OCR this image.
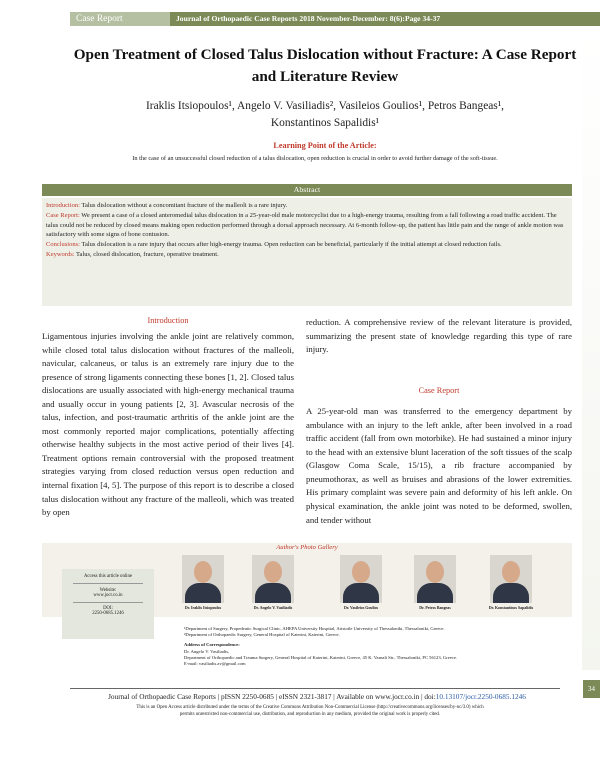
Case Report	Journal of Orthopaedic Case Reports 2018 November-December: 8(6):Page 34-37
Open Treatment of Closed Talus Dislocation without Fracture: A Case Report and Literature Review
Iraklis Itsiopoulos¹, Angelo V. Vasiliadis², Vasileios Goulios¹, Petros Bangeas¹,
Konstantinos Sapalidis¹
Learning Point of the Article:
In the case of an unsuccessful closed reduction of a talus dislocation, open reduction is crucial in order to avoid further damage of the soft-tissue.
Abstract

Introduction: Talus dislocation without a concomitant fracture of the malleoli is a rare injury.

Case Report: We present a case of a closed anteromedial talus dislocation in a 25-year-old male motorcyclist due to a high-energy trauma, resulting from a fall following a road traffic accident. The talus could not be reduced by closed means making open reduction performed through a dorsal approach necessary. At 6-month follow-up, the patient has little pain and the range of ankle motion was satisfactory with some signs of bone contusion.

Conclusions: Talus dislocation is a rare injury that occurs after high-energy trauma. Open reduction can be beneficial, particularly if the initial attempt at closed reduction fails.

Keywords: Talus, closed dislocation, fracture, operative treatment.

Introduction
Ligamentous injuries involving the ankle joint are relatively common, while closed total talus dislocation without fractures of the malleoli, navicular, calcaneus, or talus is an extremely rare injury due to the presence of strong ligaments connecting these bones [1, 2]. Closed talus dislocations are usually associated with high-energy mechanical trauma and usually occur in young patients [2, 3]. Avascular necrosis of the talus, infection, and post-traumatic arthritis of the ankle joint are the most commonly reported major complications, potentially affecting otherwise healthy subjects in the most active period of their lives [4]. Treatment options remain controversial with the proposed treatment strategies varying from closed reduction versus open reduction and internal fixation [4, 5]. The purpose of this report is to describe a closed talus dislocation without any fracture of the malleoli, which was treated by open
reduction. A comprehensive review of the relevant literature is provided, summarizing the present state of knowledge regarding this type of rare injury.
Case Report
A 25-year-old man was transferred to the emergency department by ambulance with an injury to the left ankle, after been involved in a road traffic accident (fall from own motorbike). He had sustained a minor injury to the head with an extensive blunt laceration of the soft tissues of the scalp (Glasgow Coma Scale, 15/15), a rib fracture accompanied by pneumothorax, as well as bruises and abrasions of the lower extremities. His primary complaint was severe pain and deformity of his left ankle. On physical examination, the ankle joint was noted to be deformed, swollen, and tender without
Author's Photo Gallery
Dr. Iraklis Itsiopoulos	Dr. Angelo V. Vasiliadis	Dr. Vasileios Goulios	Dr. Petros Bangeas	Dr. Konstantinos Sapalidis
Access this article online
Website:
www.jocr.co.in
DOI:
2250-0685.1246
¹Department of Surgery, Propedeutic Surgical Clinic, AHEPA University Hospital, Aristotle University of Thessaloniki, Thessaloniki, Greece.
²Department of Orthopaedic Surgery, General Hospital of Katerini, Katerini, Greece.
Address of Correspondence:
Dr. Angelo V. Vasiliadis,
Department of Orthopaedic and Trauma Surgery, General Hospital of Katerini, Katerini, Greece, 45 K. Varnali Str., Thessaloniki, PC 56123, Greece.
E-mail: vasiliadis.av@gmail.com
Journal of Orthopaedic Case Reports | pISSN 2250-0685 | eISSN 2321-3817 | Available on www.jocr.co.in | doi:10.13107/jocr.2250-0685.1246
This is an Open Access article distributed under the terms of the Creative Commons Attribution Non-Commercial License (http://creativecommons.org/licenses/by-nc/3.0) which
permits unrestricted non-commercial use, distribution, and reproduction in any medium, provided the original work is properly cited.
34
